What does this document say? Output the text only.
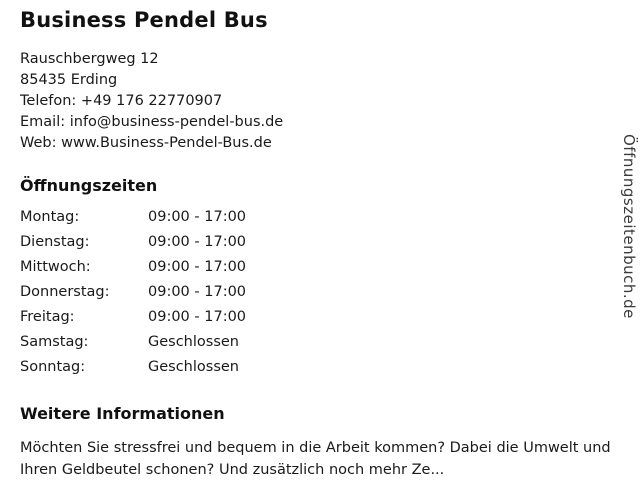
Business Pendel Bus
Rauschbergweg 12
85435 Erding
Telefon: +49 176 22770907
Email: info@business-pendel-bus.de
Web: www.Business-Pendel-Bus.de
Öffnungszeiten
Montag:	09:00 - 17:00
Dienstag:	09:00 - 17:00
Mittwoch:	09:00 - 17:00
Donnerstag:	09:00 - 17:00
Freitag:	09:00 - 17:00
Samstag:	Geschlossen
Sonntag:	Geschlossen
Weitere Informationen
Möchten Sie stressfrei und bequem in die Arbeit kommen? Dabei die Umwelt und Ihren Geldbeutel schonen? Und zusätzlich noch mehr Ze...
Öffnungszeitenbuch.de
